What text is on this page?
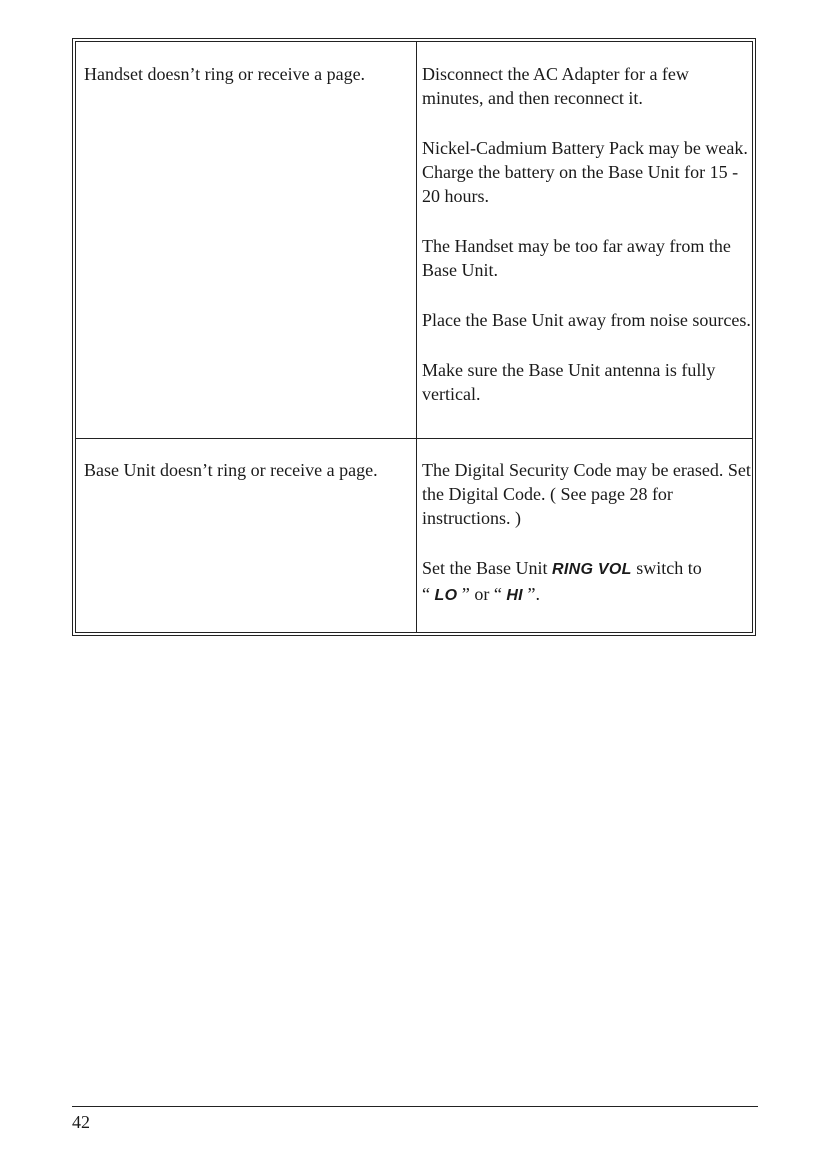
Handset doesn’t ring or receive a page.	Disconnect the AC Adapter for a few minutes, and then reconnect it.
Nickel-Cadmium Battery Pack may be weak. Charge the battery on the Base Unit for 15 - 20 hours.
The Handset may be too far away from the Base Unit.
Place the Base Unit away from noise sources.
Make sure the Base Unit antenna is fully vertical.

Base Unit doesn’t ring or receive a page.	The Digital Security Code may be erased. Set the Digital Code. ( See page 28 for instructions. )
Set the Base Unit RING VOL switch to
“ LO ” or “ HI ”.
42
